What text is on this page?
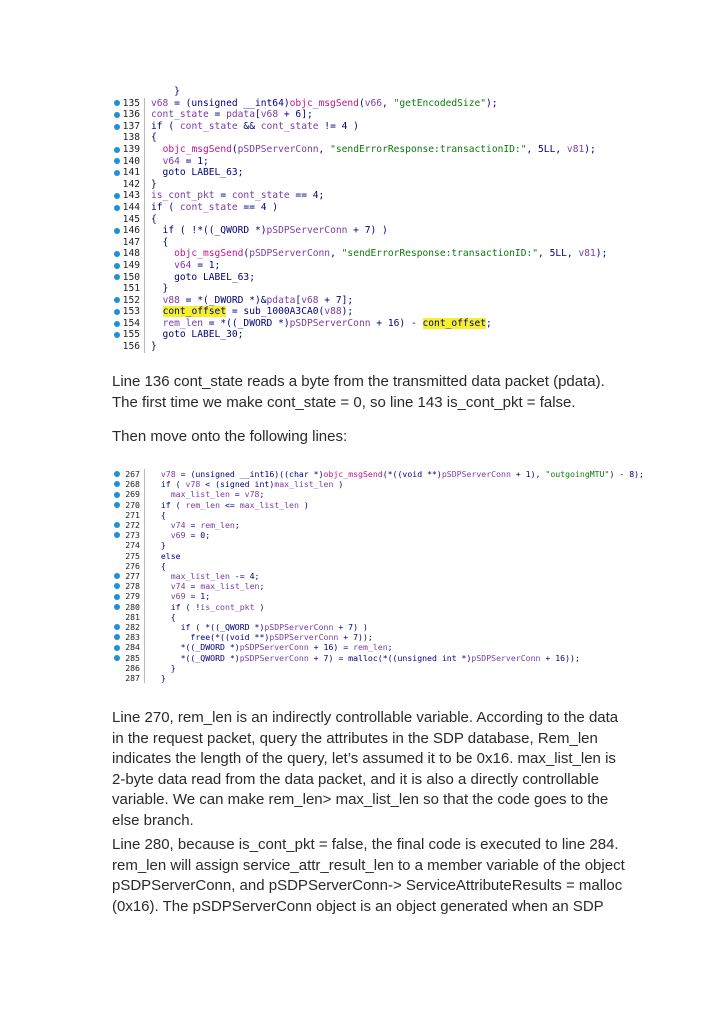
}
135 v68 = (unsigned __int64)objc_msgSend(v66, "getEncodedSize");
136 cont_state = pdata[v68 + 6];
137 if ( cont_state && cont_state != 4 )
138 {
139 objc_msgSend(pSDPServerConn, "sendErrorResponse:transactionID:", 5LL, v81);
140 v64 = 1;
141
goto LABEL_63;
142 }
143 is_cont_pkt = cont_state == 4;
144 if ( cont_state == 4 )
145 {
146
if ( !*((_QWORD *)pSDPServerConn + 7) )
147  {
148	objc_msgSend(pSDPServerConn, "sendErrorResponse:transactionID:", 5LL, v81);
149	v64 = 1;
150
goto LABEL_63;
151  }
152 v88 = *(_DWORD *)&pdata[v68 + 7];
153 cont_offset = sub_1000A3CA0(v88);
154 rem_len = *((_DWORD *)pSDPServerConn + 16) - cont_offset;
155
goto LABEL_30;
156 }

Line 136 cont_state reads a byte from the transmitted data packet (pdata). The first time we make cont_state = 0, so line 143 is_cont_pkt = false.

Then move onto the following lines:

267	v78 = (unsigned __int16)((char *)objc_msgSend(*((void **)pSDPServerConn + 1), "outgoingMTU") - 8);
268
if ( v78 < (signed int)max_list_len )
269	max_list_len = v78;
270
if ( rem_len <= max_list_len )
271  {
272	v74 = rem_len;
273	v69 = 0;
274  }
275  else
276  {
277	max_list_len -= 4;
278	v74 = max_list_len;
279	v69 = 1;
280
if ( !is_cont_pkt )
281    {
282
if ( *((_QWORD *)pSDPServerConn + 7) )
283
free(*((void **)pSDPServerConn + 7));
284
*((_DWORD *)pSDPServerConn + 16) = rem_len;
285
*((_QWORD *)pSDPServerConn + 7) = malloc(*((unsigned int *)pSDPServerConn + 16));
286    }
287  }

Line 270, rem_len is an indirectly controllable variable. According to the data in the request packet, query the attributes in the SDP database, Rem_len indicates the length of the query, let’s assumed it to be 0x16. max_list_len is 2-byte data read from the data packet, and it is also a directly controllable variable. We can make rem_len> max_list_len so that the code goes to the else branch.

Line 280, because is_cont_pkt = false, the final code is executed to line 284. rem_len will assign service_attr_result_len to a member variable of the object pSDPServerConn, and pSDPServerConn-> ServiceAttributeResults = malloc (0x16). The pSDPServerConn object is an object generated when an SDP
